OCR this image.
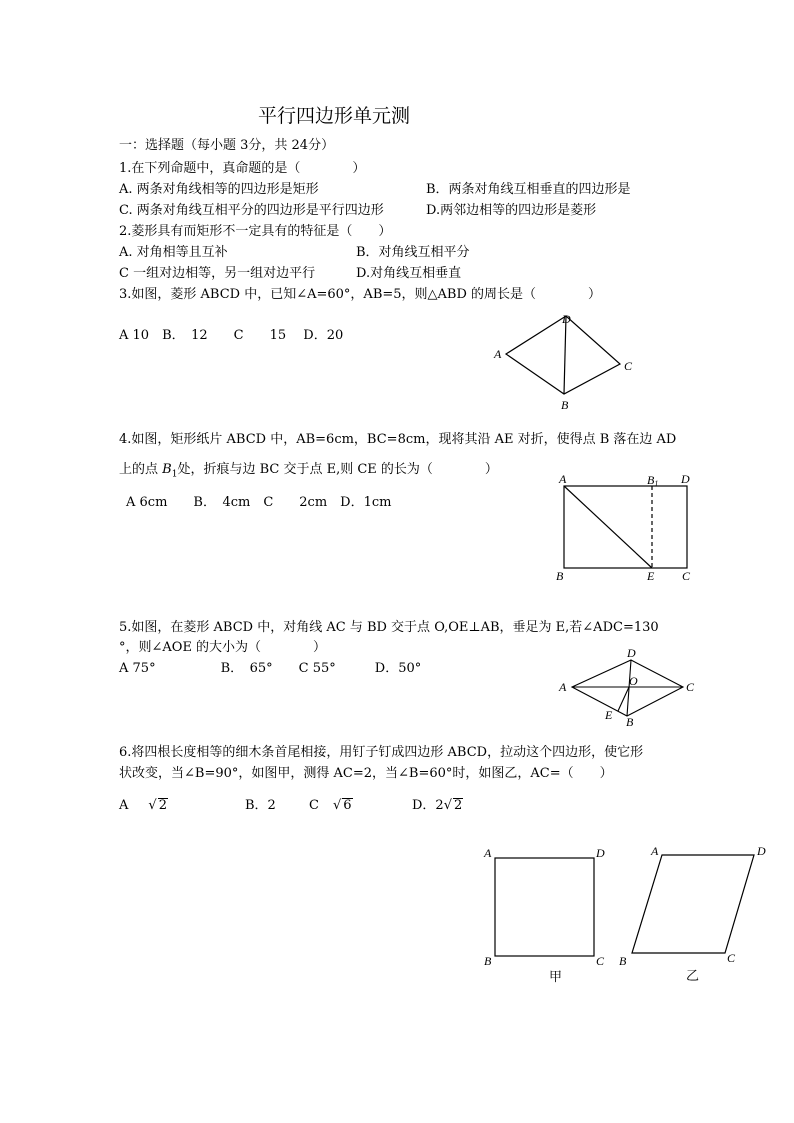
平行四边形单元测
一：选择题（每小题 3分，共 24分）
1.在下列命题中，真命题的是（　　　　）
A. 两条对角线相等的四边形是矩形	B．两条对角线互相垂直的四边形是
C. 两条对角线互相平分的四边形是平行四边形	D.两邻边相等的四边形是菱形
2.菱形具有而矩形不一定具有的特征是（　　）
A. 对角相等且互补	B．对角线互相平分
C 一组对边相等，另一组对边平行	D.对角线互相垂直
3.如图，菱形 ABCD 中，已知∠A=60°，AB=5，则△ABD 的周长是（　　　　）
A 10　B．　12　　C　　15　 D．20
A
D
C
B
4.如图，矩形纸片 ABCD 中，AB=6cm，BC=8cm，现将其沿 AE 对折，使得点 B 落在边 AD
上的点 $B_1$处，折痕与边 BC 交于点 E,则 CE 的长为（　　　　）
A 6cm　　B．　4cm　C　　2cm　D．1cm
A	B1 D
B	E C
5.如图，在菱形 ABCD 中，对角线 AC 与 BD 交于点 O,OE⊥AB，垂足为 E,若∠ADC=130
°，则∠AOE 的大小为（　　　　）
A 75°　　　　　B．　65°　　C 55°　　　D．50°
D
A	O	C
E B
6.将四根长度相等的细木条首尾相接，用钉子钉成四边形 ABCD，拉动这个四边形，使它形
状改变，当∠B=90°，如图甲，测得 AC=2，当∠B=60°时，如图乙，AC=（　　）
A √ 2	B．2	C √ 6	D．2√ 2
A	D
B	C
甲
A	D
B	C
乙
